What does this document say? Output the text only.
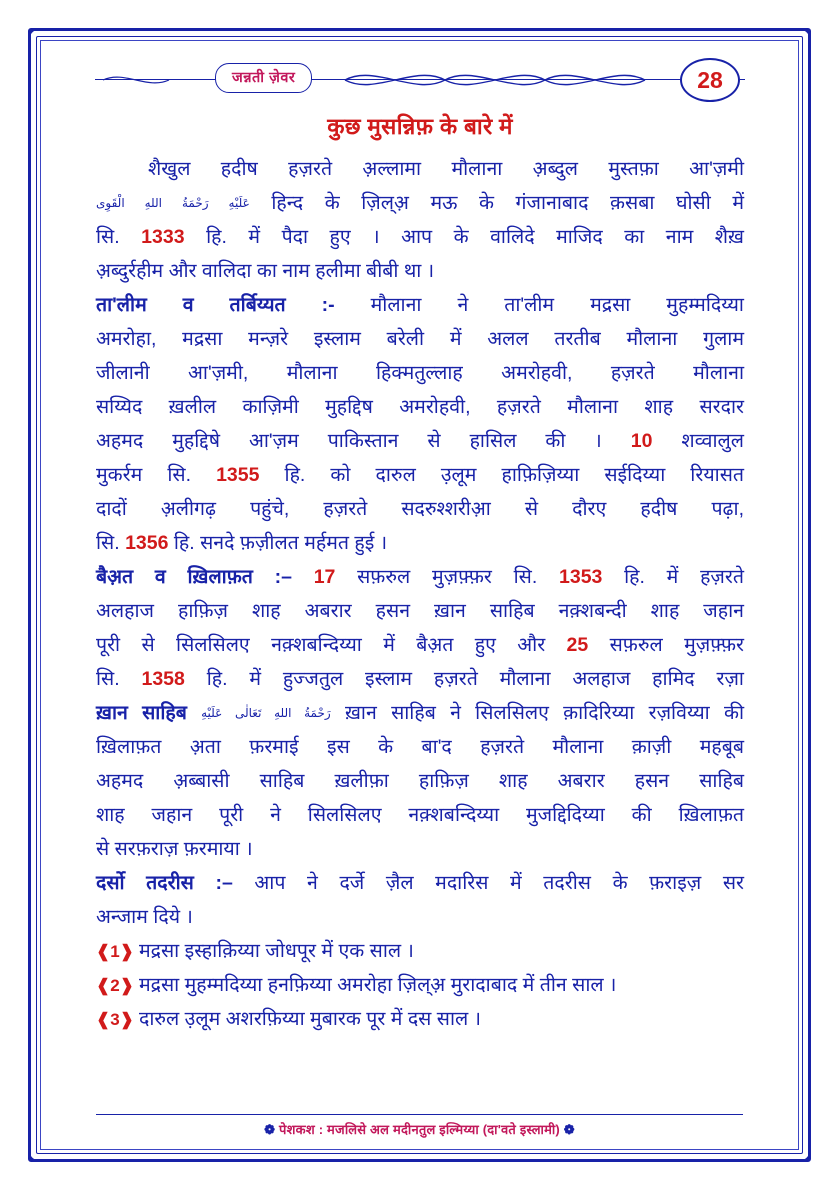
जन्नती ज़ेवर	28
कुछ मुसन्निफ़ के बारे में

शैखुल हदीष हज़रते अ़ल्लामा मौलाना अ़ब्दुल मुस्तफ़ा आ'ज़मी

عَلَيْهِ رَحْمَةُ اللهِ الْقَوِى हिन्द के ज़िल्अ़ मऊ के गंजानाबाद क़सबा घोसी में

सि. 1333 हि. में पैदा हुए । आप के वालिदे माजिद का नाम शैख़

अ़ब्दुर्रहीम और वालिदा का नाम हलीमा बीबी था ।

ता'लीम व तर्बिय्यत :- मौलाना ने ता'लीम मद्रसा मुहम्मदिय्या

अमरोहा, मद्रसा मन्ज़रे इस्लाम बरेली में अलल तरतीब मौलाना गुलाम

जीलानी आ'ज़मी, मौलाना हिक्मतुल्लाह अमरोहवी, हज़रते मौलाना

सय्यिद ख़लील काज़िमी मुहद्दिष अमरोहवी, हज़रते मौलाना शाह सरदार

अहमद मुहद्दिषे आ'ज़म पाकिस्तान से हासिल की । 10 शव्वालुल

मुकर्रम सि. 1355 हि. को दारुल उ़लूम हाफ़िज़िय्या सईदिय्या रियासत

दादों अ़लीगढ़ पहुंचे, हज़रते सदरुश्शरीअ़ा से दौरए हदीष पढ़ा,

सि. 1356 हि. सनदे फ़ज़ीलत मर्हमत हुई ।

बैअ़त व ख़िलाफ़त :– 17 सफ़रुल मुज़फ़्फ़र सि. 1353 हि. में हज़रते

अलहाज हाफ़िज़ शाह अबरार हसन ख़ान साहिब नक़्शबन्दी शाह जहान

पूरी से सिलसिलए नक़्शबन्दिय्या में बैअ़त हुए और 25 सफ़रुल मुज़फ़्फ़र

सि. 1358 हि. में हुज्जतुल इस्लाम हज़रते मौलाना अलहाज हामिद रज़ा

ख़ान साहिब رَحْمَةُ اللهِ تَعَالٰى عَلَيْهِ ख़ान साहिब ने सिलसिलए क़ादिरिय्या रज़विय्या की

ख़िलाफ़त अ़ता फ़रमाई इस के बा'द हज़रते मौलाना क़ाज़ी महबूब

अहमद अ़ब्बासी साहिब ख़लीफ़ा हाफ़िज़ शाह अबरार हसन साहिब

शाह जहान पूरी ने सिलसिलए नक़्शबन्दिय्या मुजद्दिदिय्या की ख़िलाफ़त

से सरफ़राज़ फ़रमाया ।

दर्सो तदरीस :– आप ने दर्जे ज़ैल मदारिस में तदरीस के फ़राइज़ सर

अन्जाम दिये ।

❰1❱ मद्रसा इस्हाक़िय्या जोधपूर में एक साल ।

❰2❱ मद्रसा मुहम्मदिय्या हनफ़िय्या अमरोहा ज़िल्अ़ मुरादाबाद में तीन साल ।

❰3❱ दारुल उ़लूम अशरफ़िय्या मुबारक पूर में दस साल ।

❁ पेशकश : मजलिसे अल मदीनतुल इल्मिय्या (दा'वते इस्लामी) ❁
